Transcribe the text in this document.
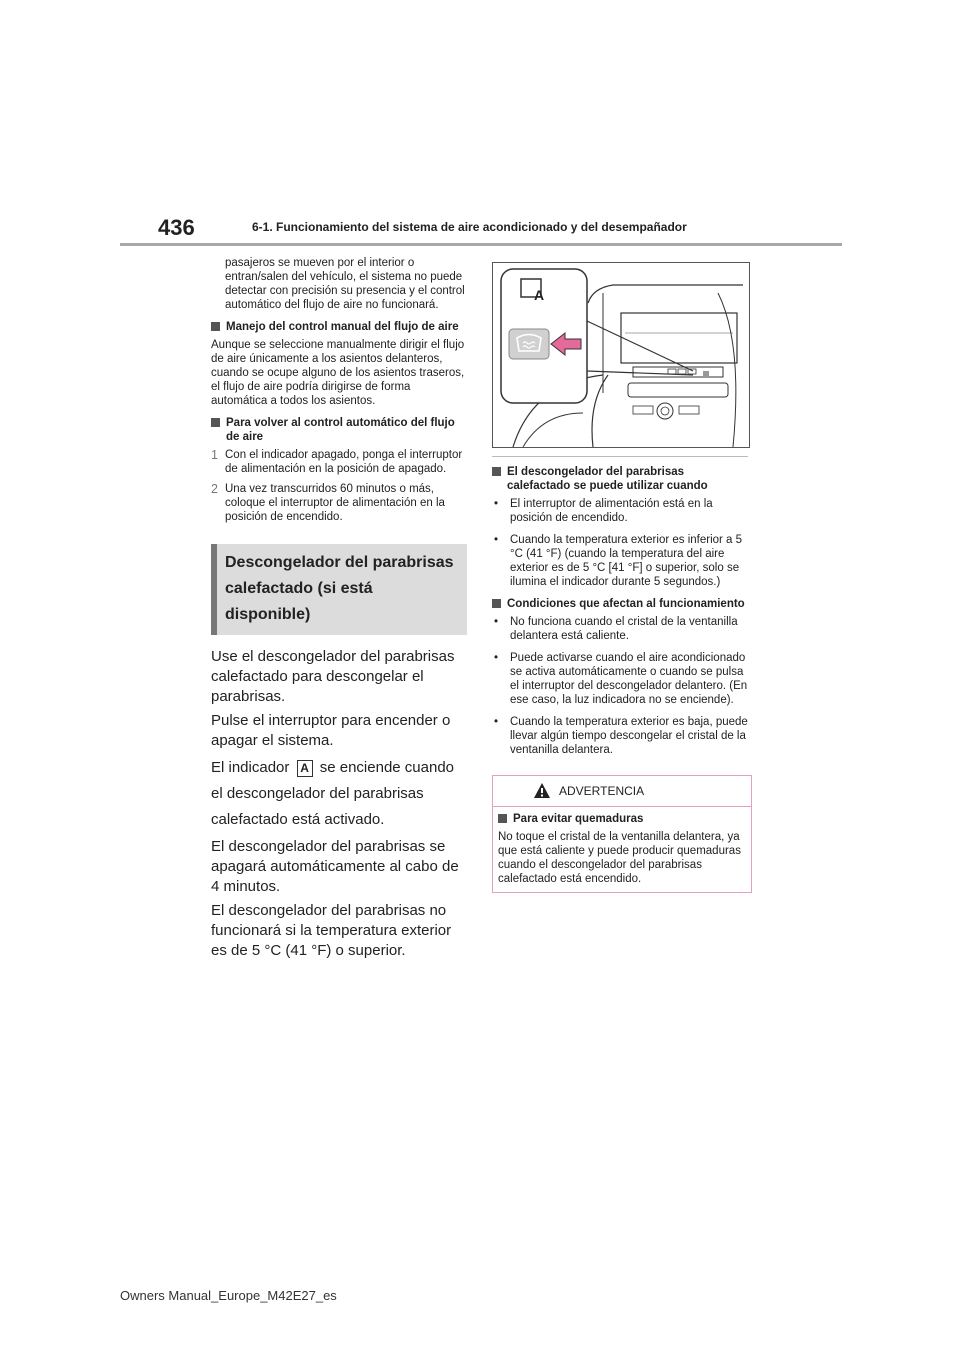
436	6-1. Funcionamiento del sistema de aire acondicionado y del desempañador

pasajeros se mueven por el interior o entran/salen del vehículo, el sistema no puede detectar con precisión su presencia y el control automático del flujo de aire no funcionará.

Manejo del control manual del flujo de aire

Aunque se seleccione manualmente dirigir el flujo de aire únicamente a los asientos delanteros, cuando se ocupe alguno de los asientos traseros, el flujo de aire podría dirigirse de forma automática a todos los asientos.

Para volver al control automático del flujo de aire
1 Con el indicador apagado, ponga el interruptor de alimentación en la posición de apagado.
2 Una vez transcurridos 60 minutos o más, coloque el interruptor de alimentación en la posición de encendido.
Descongelador del parabrisas
calefactado (si está disponible)

Use el descongelador del parabrisas calefactado para descongelar el parabrisas.

Pulse el interruptor para encender o apagar el sistema.

El indicador A se enciende cuando el descongelador del parabrisas calefactado está activado.

El descongelador del parabrisas se apagará automáticamente al cabo de 4 minutos.

El descongelador del parabrisas no funcionará si la temperatura exterior es de 5 °C (41 °F) o superior.

A
El descongelador del parabrisas calefactado se puede utilizar cuando
•	El interruptor de alimentación está en la posición de encendido.
•	Cuando la temperatura exterior es inferior a 5 °C (41 °F) (cuando la temperatura del aire exterior es de 5 °C [41 °F] o superior, solo se ilumina el indicador durante 5 segundos.)
Condiciones que afectan al funcionamiento
•	No funciona cuando el cristal de la ventanilla delantera está caliente.
•	Puede activarse cuando el aire acondicionado se activa automáticamente o cuando se pulsa el interruptor del descongelador delantero. (En ese caso, la luz indicadora no se enciende).
•	Cuando la temperatura exterior es baja, puede llevar algún tiempo descongelar el cristal de la ventanilla delantera.
ADVERTENCIA
Para evitar quemaduras

No toque el cristal de la ventanilla delantera, ya que está caliente y puede producir quemaduras cuando el descongelador del parabrisas calefactado está encendido.

Owners Manual_Europe_M42E27_es
